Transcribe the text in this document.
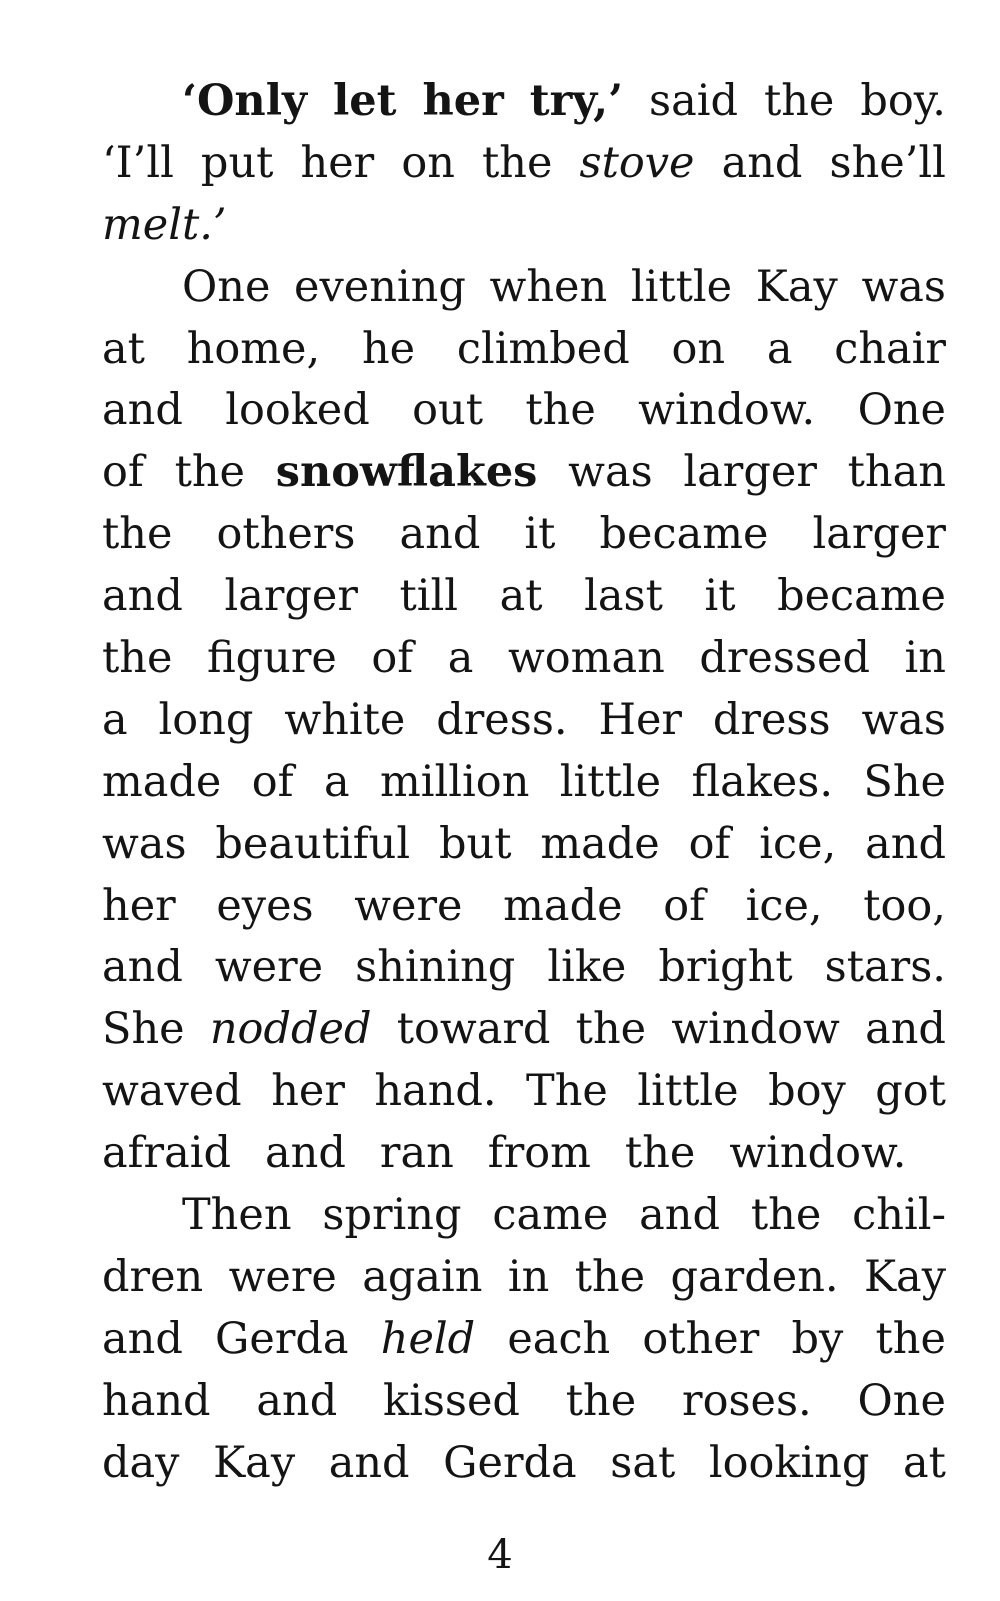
‘Only let her try,’ said the boy.
‘I’ll put her on the stove and she’ll
melt.’
One evening when little Kay was
at home, he climbed on a chair
and looked out the window. One
of the snowflakes was larger than
the others and it became larger
and larger till at last it became
the figure of a woman dressed in
a long white dress. Her dress was
made of a million little flakes. She
was beautiful but made of ice, and
her eyes were made of ice, too,
and were shining like bright stars.
She nodded toward the window and
waved her hand. The little boy got
afraid and ran from the window.
Then spring came and the chil-
dren were again in the garden. Kay
and Gerda held each other by the
hand and kissed the roses. One
day Kay and Gerda sat looking at
4
